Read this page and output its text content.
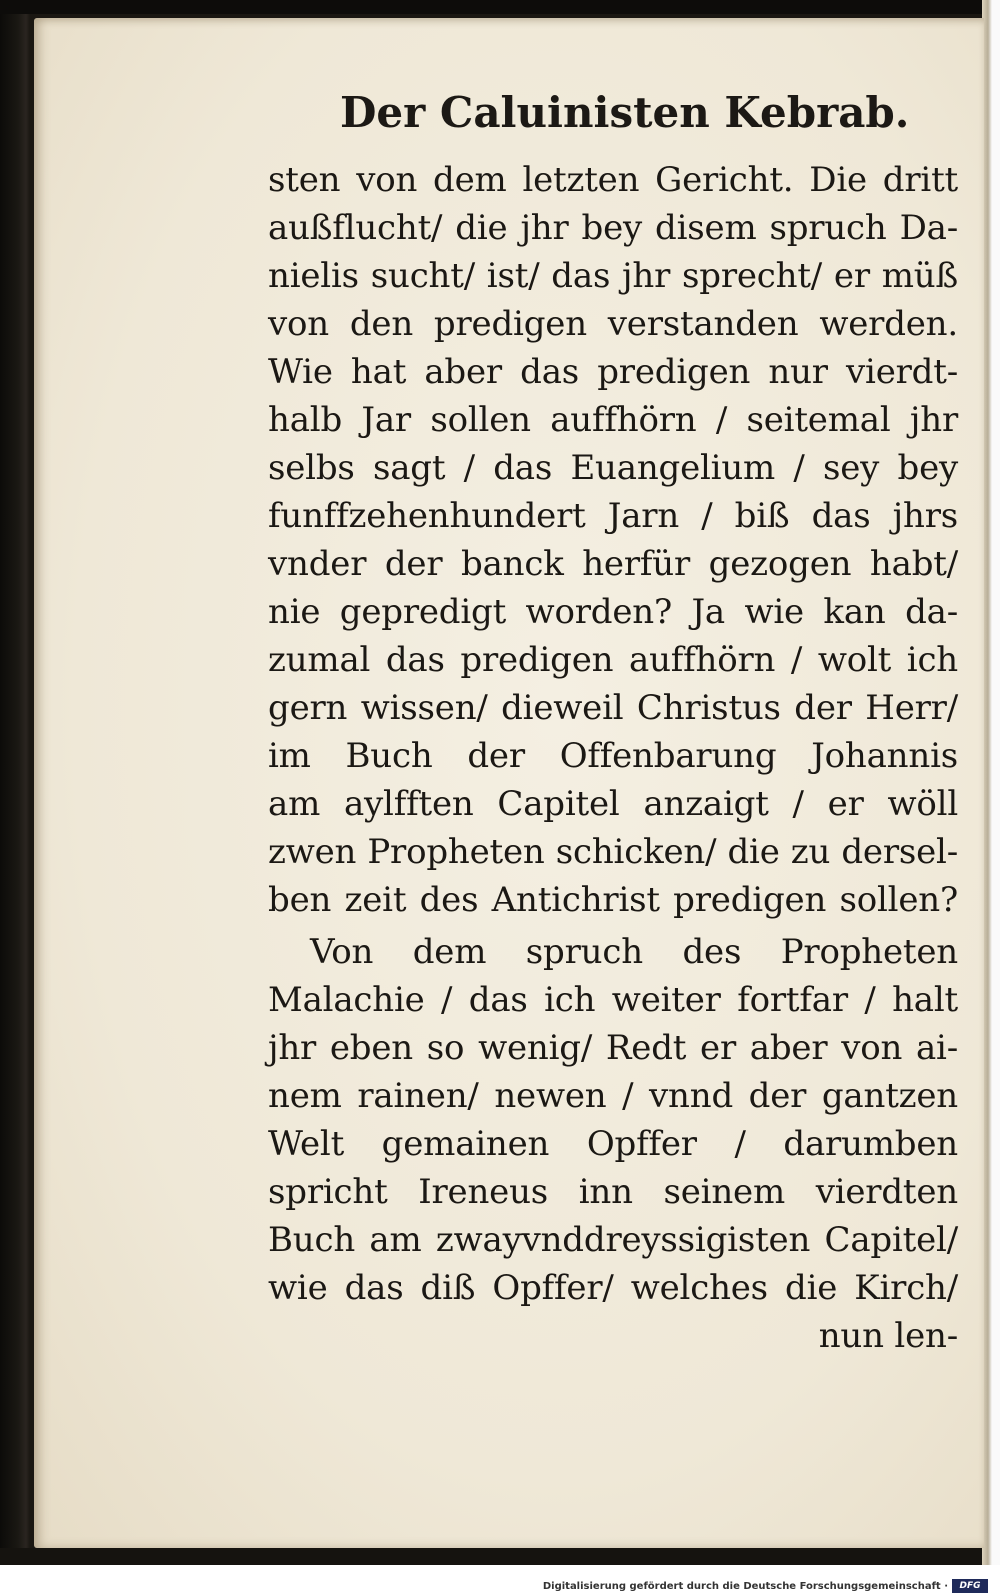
Der Caluinisten Kebrab.
sten von dem letzten Gericht. Die dritt
außflucht/ die jhr bey disem spruch Da-
nielis sucht/ ist/ das jhr sprecht/ er müß
von den predigen verstanden werden.
Wie hat aber das predigen nur vierdt-
halb Jar sollen auffhörn / seitemal jhr
selbs sagt / das Euangelium / sey bey
funffzehenhundert Jarn / biß das jhrs
vnder der banck herfür gezogen habt/
nie gepredigt worden? Ja wie kan da-
zumal das predigen auffhörn / wolt ich
gern wissen/ dieweil Christus der Herr/
im Buch der Offenbarung Johannis
am aylfften Capitel anzaigt / er wöll
zwen Propheten schicken/ die zu dersel-
ben zeit des Antichrist predigen sollen?
Von dem spruch des Propheten
Malachie / das ich weiter fortfar / halt
jhr eben so wenig/ Redt er aber von ai-
nem rainen/ newen / vnnd der gantzen
Welt gemainen Opffer / darumben
spricht Ireneus inn seinem vierdten
Buch am zwayvnddreyssigisten Capitel/
wie das diß Opffer/ welches die Kirch/
nun len-
Digitalisierung gefördert durch die Deutsche Forschungsgemeinschaft ·	DFG
